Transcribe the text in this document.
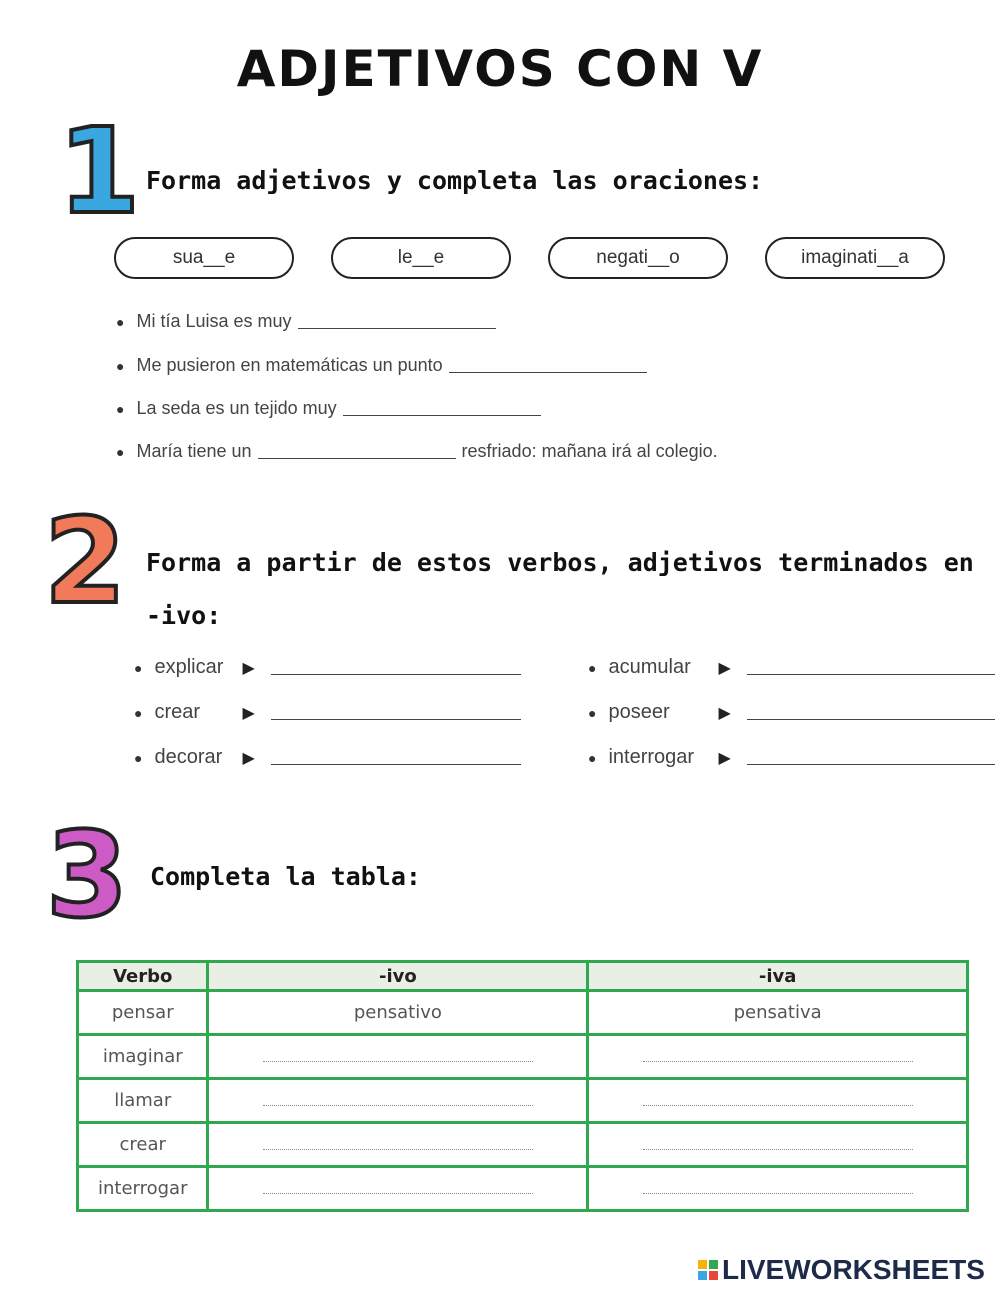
ADJETIVOS CON V
1 Forma adjetivos y completa las oraciones:
sua__e	le__e	negati__o	imaginati__a
● Mi tía Luisa es muy
● Me pusieron en matemáticas un punto
● La seda es un tejido muy
● María tiene un	resfriado: mañana irá al colegio.
2 Forma a partir de estos verbos, adjetivos terminados en
-ivo:
● explicar	▶
● crear	▶
● decorar	▶
● acumular	▶
● poseer	▶
● interrogar	▶
3 Completa la tabla:
Verbo	-ivo	-iva
pensar	pensativo	pensativa
imaginar		
llamar		
crear		
interrogar		
LIVEWORKSHEETS
